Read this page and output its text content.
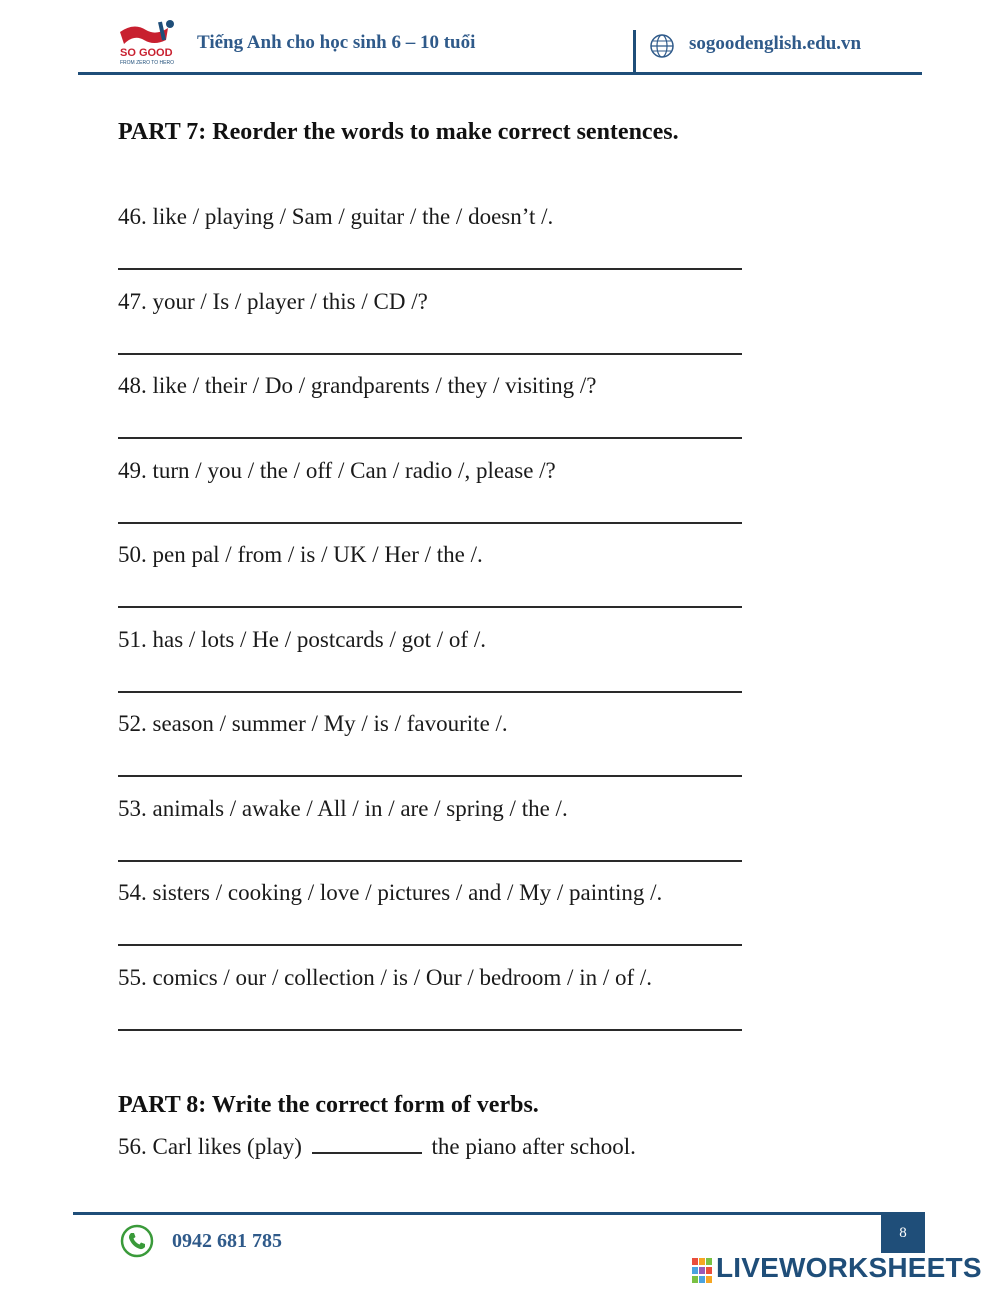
SO GOOD
FROM ZERO TO HERO
Tiếng Anh cho học sinh 6 – 10 tuổi	sogoodenglish.edu.vn
PART 7: Reorder the words to make correct sentences.
46. like / playing / Sam / guitar / the / doesn’t /.
47. your / Is / player / this / CD /?
48. like / their / Do / grandparents / they / visiting /?
49. turn / you / the / off / Can / radio /, please /?
50. pen pal / from / is / UK / Her / the /.
51. has / lots / He / postcards / got / of /.
52. season / summer / My / is / favourite /.
53. animals / awake / All / in / are / spring / the /.
54. sisters / cooking / love / pictures / and / My / painting /.
55. comics / our / collection / is / Our / bedroom / in / of /.
PART 8: Write the correct form of verbs.
56. Carl likes (play)	the piano after school.
0942 681 785	8
LIVEWORKSHEETS
